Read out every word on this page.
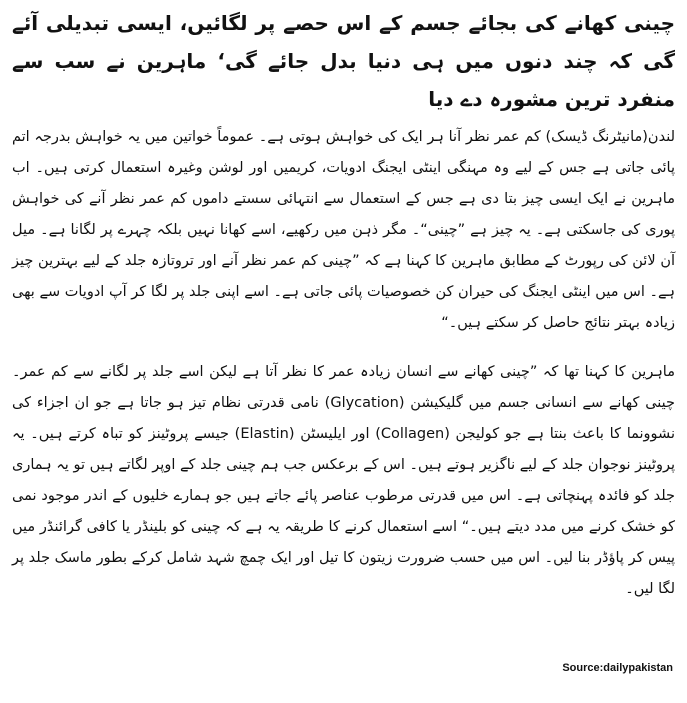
چینی کھانے کی بجائے جسم کے اس حصے پر لگائیں، ایسی تبدیلی آئے گی کہ چند دنوں میں ہی دنیا بدل جائے گی‘ ماہرین نے سب سے منفرد ترین مشورہ دے دیا

لندن(مانیٹرنگ ڈیسک) کم عمر نظر آنا ہر ایک کی خواہش ہوتی ہے۔ عموماً خواتین میں یہ خواہش بدرجہ اتم پائی جاتی ہے جس کے لیے وہ مہنگی اینٹی ایجنگ ادویات، کریمیں اور لوشن وغیرہ استعمال کرتی ہیں۔ اب ماہرین نے ایک ایسی چیز بتا دی ہے جس کے استعمال سے انتہائی سستے داموں کم عمر نظر آنے کی خواہش پوری کی جاسکتی ہے۔ یہ چیز ہے ”چینی“۔ مگر ذہن میں رکھیے، اسے کھانا نہیں بلکہ چہرے پر لگانا ہے۔ میل آن لائن کی رپورٹ کے مطابق ماہرین کا کہنا ہے کہ ”چینی کم عمر نظر آنے اور تروتازہ جلد کے لیے بہترین چیز ہے۔ اس میں اینٹی ایجنگ کی حیران کن خصوصیات پائی جاتی ہے۔ اسے اپنی جلد پر لگا کر آپ ادویات سے بھی زیادہ بہتر نتائج حاصل کر سکتے ہیں۔“

ماہرین کا کہنا تھا کہ ”چینی کھانے سے انسان زیادہ عمر کا نظر آتا ہے لیکن اسے جلد پر لگانے سے کم عمر۔ چینی کھانے سے انسانی جسم میں گلیکیشن (Glycation) نامی قدرتی نظام تیز ہو جاتا ہے جو ان اجزاء کی نشوونما کا باعث بنتا ہے جو کولیجن (Collagen) اور ایلیسٹن (Elastin) جیسے پروٹینز کو تباہ کرتے ہیں۔ یہ پروٹینز نوجوان جلد کے لیے ناگزیر ہوتے ہیں۔ اس کے برعکس جب ہم چینی جلد کے اوپر لگاتے ہیں تو یہ ہماری جلد کو فائدہ پہنچاتی ہے۔ اس میں قدرتی مرطوب عناصر پائے جاتے ہیں جو ہمارے خلیوں کے اندر موجود نمی کو خشک کرنے میں مدد دیتے ہیں۔“ اسے استعمال کرنے کا طریقہ یہ ہے کہ چینی کو بلینڈر یا کافی گرائنڈر میں پیس کر پاؤڈر بنا لیں۔ اس میں حسب ضرورت زیتون کا تیل اور ایک چمچ شہد شامل کرکے بطور ماسک جلد پر لگا لیں۔

Source:dailypakistan
